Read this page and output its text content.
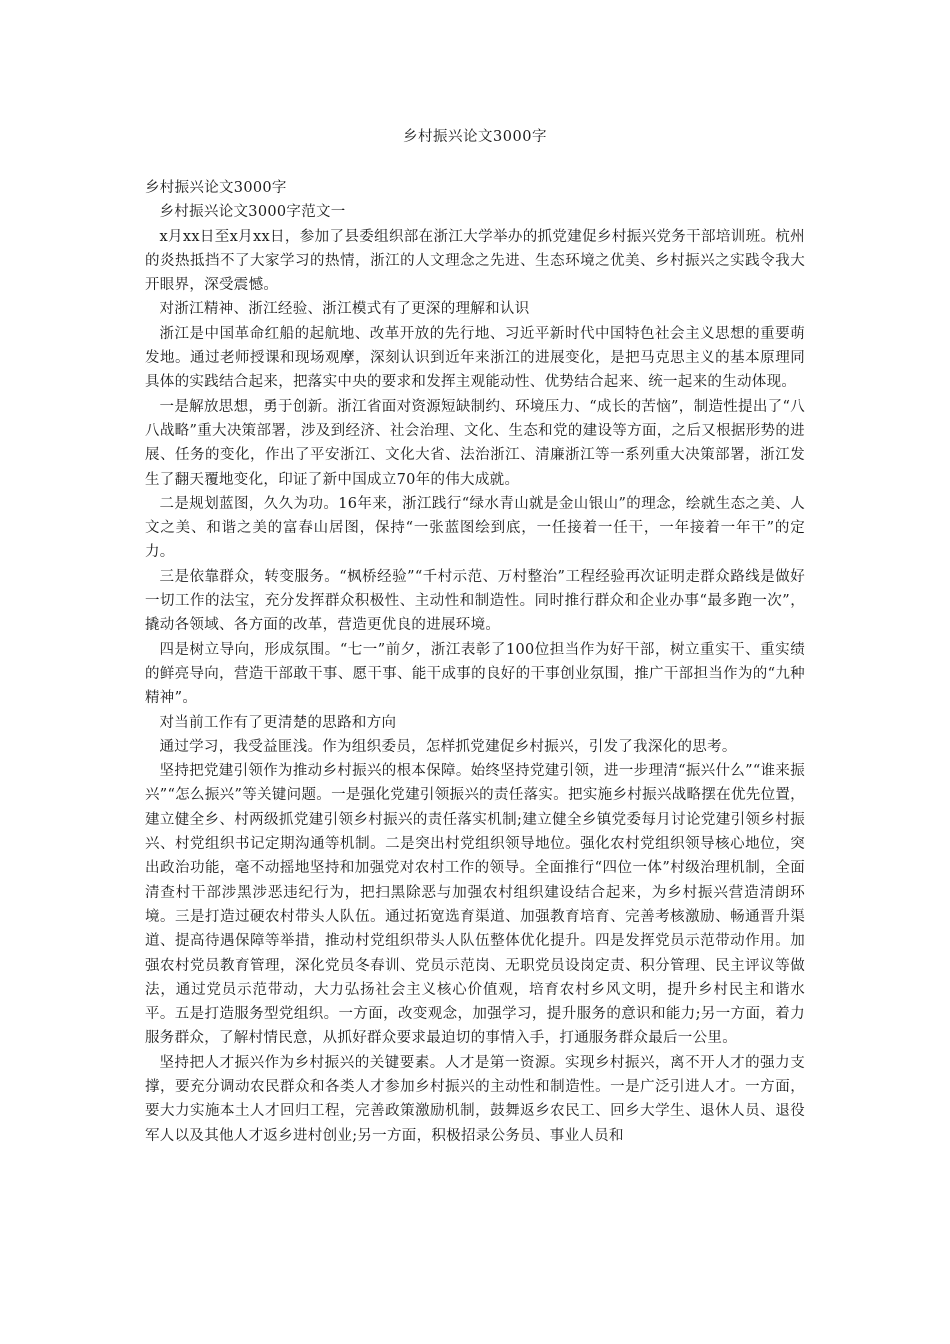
乡村振兴论文3000字

乡村振兴论文3000字

乡村振兴论文3000字范文一

x月xx日至x月xx日，参加了县委组织部在浙江大学举办的抓党建促乡村振兴党务干部培训班。杭州的炎热抵挡不了大家学习的热情，浙江的人文理念之先进、生态环境之优美、乡村振兴之实践令我大开眼界，深受震憾。

对浙江精神、浙江经验、浙江模式有了更深的理解和认识

浙江是中国革命红船的起航地、改革开放的先行地、习近平新时代中国特色社会主义思想的重要萌发地。通过老师授课和现场观摩，深刻认识到近年来浙江的进展变化，是把马克思主义的基本原理同具体的实践结合起来，把落实中央的要求和发挥主观能动性、优势结合起来、统一起来的生动体现。

一是解放思想，勇于创新。浙江省面对资源短缺制约、环境压力、“成长的苦恼”，制造性提出了“八八战略”重大决策部署，涉及到经济、社会治理、文化、生态和党的建设等方面，之后又根据形势的进展、任务的变化，作出了平安浙江、文化大省、法治浙江、清廉浙江等一系列重大决策部署，浙江发生了翻天覆地变化，印证了新中国成立70年的伟大成就。

二是规划蓝图，久久为功。16年来，浙江践行“绿水青山就是金山银山”的理念，绘就生态之美、人文之美、和谐之美的富春山居图，保持“一张蓝图绘到底，一任接着一任干，一年接着一年干”的定力。

三是依靠群众，转变服务。“枫桥经验”“千村示范、万村整治”工程经验再次证明走群众路线是做好一切工作的法宝，充分发挥群众积极性、主动性和制造性。同时推行群众和企业办事“最多跑一次”，撬动各领域、各方面的改革，营造更优良的进展环境。

四是树立导向，形成氛围。“七一”前夕，浙江表彰了100位担当作为好干部，树立重实干、重实绩的鲜亮导向，营造干部敢干事、愿干事、能干成事的良好的干事创业氛围，推广干部担当作为的“九种精神”。

对当前工作有了更清楚的思路和方向

通过学习，我受益匪浅。作为组织委员，怎样抓党建促乡村振兴，引发了我深化的思考。

坚持把党建引领作为推动乡村振兴的根本保障。始终坚持党建引领，进一步理清“振兴什么”“谁来振兴”“怎么振兴”等关键问题。一是强化党建引领振兴的责任落实。把实施乡村振兴战略摆在优先位置，建立健全乡、村两级抓党建引领乡村振兴的责任落实机制;建立健全乡镇党委每月讨论党建引领乡村振兴、村党组织书记定期沟通等机制。二是突出村党组织领导地位。强化农村党组织领导核心地位，突出政治功能，毫不动摇地坚持和加强党对农村工作的领导。全面推行“四位一体”村级治理机制，全面清查村干部涉黑涉恶违纪行为，把扫黑除恶与加强农村组织建设结合起来，为乡村振兴营造清朗环境。三是打造过硬农村带头人队伍。通过拓宽选育渠道、加强教育培育、完善考核激励、畅通晋升渠道、提高待遇保障等举措，推动村党组织带头人队伍整体优化提升。四是发挥党员示范带动作用。加强农村党员教育管理，深化党员冬春训、党员示范岗、无职党员设岗定责、积分管理、民主评议等做法，通过党员示范带动，大力弘扬社会主义核心价值观，培育农村乡风文明，提升乡村民主和谐水平。五是打造服务型党组织。一方面，改变观念，加强学习，提升服务的意识和能力;另一方面，着力服务群众，了解村情民意，从抓好群众要求最迫切的事情入手，打通服务群众最后一公里。

坚持把人才振兴作为乡村振兴的关键要素。人才是第一资源。实现乡村振兴，离不开人才的强力支撑，要充分调动农民群众和各类人才参加乡村振兴的主动性和制造性。一是广泛引进人才。一方面，要大力实施本土人才回归工程，完善政策激励机制，鼓舞返乡农民工、回乡大学生、退休人员、退役军人以及其他人才返乡进村创业;另一方面，积极招录公务员、事业人员和
